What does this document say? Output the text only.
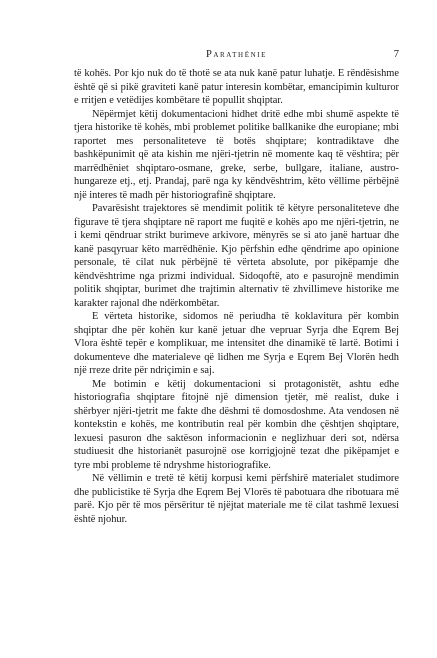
Parathënie	7

të kohës. Por kjo nuk do të thotë se ata nuk kanë patur luhatje. E rëndësishme është që si pikë graviteti kanë patur interesin kombëtar, emancipimin kulturor e rritjen e vetëdijes kombëtare të popullit shqiptar.

Nëpërmjet këtij dokumentacioni hidhet dritë edhe mbi shumë aspekte të tjera historike të kohës, mbi problemet politike ballkanike dhe europiane; mbi raportet mes personaliteteve të botës shqiptare; kontradiktave dhe bashkëpunimit që ata kishin me njëri-tjetrin në momente kaq të vështira; për marrëdhëniet shqiptaro-osmane, greke, serbe, bullgare, italiane, austro-hungareze etj., etj. Prandaj, parë nga ky këndvështrim, këto vëllime përbëjnë një interes të madh për historiografinë shqiptare.

Pavarësisht trajektores së mendimit politik të këtyre personaliteteve dhe figurave të tjera shqiptare në raport me fuqitë e kohës apo me njëri-tjetrin, ne i kemi qëndruar strikt burimeve arkivore, mënyrës se si ato janë hartuar dhe kanë pasqyruar këto marrëdhënie. Kjo përfshin edhe qëndrime apo opinione personale, të cilat nuk përbëjnë të vërteta absolute, por pikëpamje dhe këndvështrime nga prizmi individual. Sidoqoftë, ato e pasurojnë mendimin politik shqiptar, burimet dhe trajtimin alternativ të zhvillimeve historike me karakter rajonal dhe ndërkombëtar.

E vërteta historike, sidomos në periudha të koklavitura për kombin shqiptar dhe për kohën kur kanë jetuar dhe vepruar Syrja dhe Eqrem Bej Vlora është tepër e komplikuar, me intensitet dhe dinamikë të lartë. Botimi i dokumenteve dhe materialeve që lidhen me Syrja e Eqrem Bej Vlorën hedh një rreze drite për ndriçimin e saj.

Me botimin e këtij dokumentacioni si protagonistët, ashtu edhe historiografia shqiptare fitojnë një dimension tjetër, më realist, duke i shërbyer njëri-tjetrit me fakte dhe dëshmi të domosdoshme. Ata vendosen në kontekstin e kohës, me kontributin real për kombin dhe çështjen shqiptare, lexuesi pasuron dhe saktëson informacionin e neglizhuar deri sot, ndërsa studiuesit dhe historianët pasurojnë ose korrigjojnë tezat dhe pikëpamjet e tyre mbi probleme të ndryshme historiografike.

Në vëllimin e tretë të këtij korpusi kemi përfshirë materialet studimore dhe publicistike të Syrja dhe Eqrem Bej Vlorës të pabotuara dhe ribotuara më parë. Kjo për të mos përsëritur të njëjtat materiale me të cilat tashmë lexuesi është njohur.
